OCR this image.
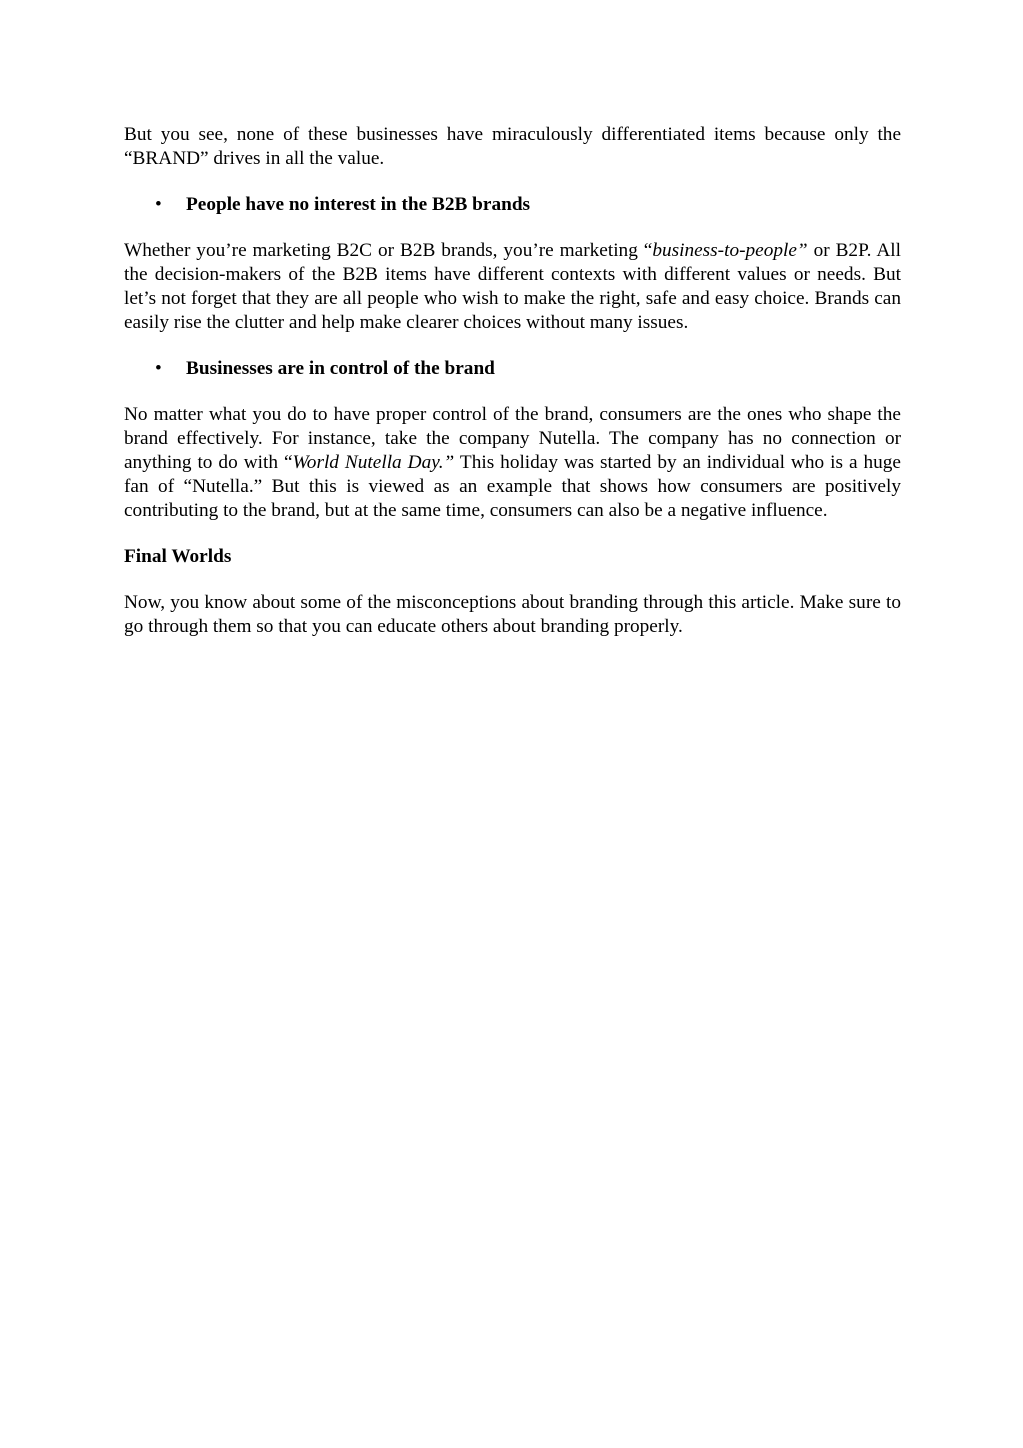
But you see, none of these businesses have miraculously differentiated items because only the “BRAND” drives in all the value.

• People have no interest in the B2B brands

Whether you’re marketing B2C or B2B brands, you’re marketing “business-to-people” or B2P. All the decision-makers of the B2B items have different contexts with different values or needs. But let’s not forget that they are all people who wish to make the right, safe and easy choice. Brands can easily rise the clutter and help make clearer choices without many issues.

• Businesses are in control of the brand

No matter what you do to have proper control of the brand, consumers are the ones who shape the brand effectively. For instance, take the company Nutella. The company has no connection or anything to do with “World Nutella Day.” This holiday was started by an individual who is a huge fan of “Nutella.” But this is viewed as an example that shows how consumers are positively contributing to the brand, but at the same time, consumers can also be a negative influence.

Final Worlds

Now, you know about some of the misconceptions about branding through this article. Make sure to go through them so that you can educate others about branding properly.
